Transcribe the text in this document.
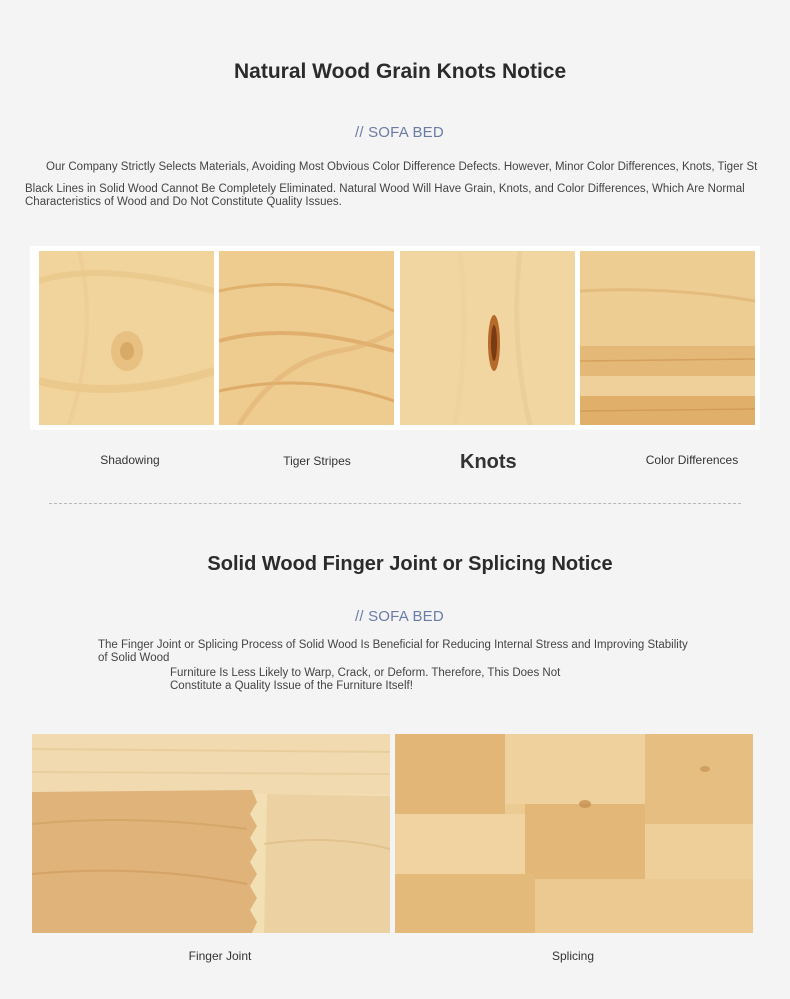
Natural Wood Grain Knots Notice
// SOFA BED
Our Company Strictly Selects Materials, Avoiding Most Obvious Color Difference Defects. However, Minor Color Differences, Knots, Tiger St
Black Lines in Solid Wood Cannot Be Completely Eliminated. Natural Wood Will Have Grain, Knots, and Color Differences, Which Are Normal Characteristics of Wood and Do Not Constitute Quality Issues.
Shadowing	Tiger Stripes	Knots	Color Differences
Solid Wood Finger Joint or Splicing Notice
// SOFA BED
The Finger Joint or Splicing Process of Solid Wood Is Beneficial for Reducing Internal Stress and Improving Stability of Solid Wood
Furniture Is Less Likely to Warp, Crack, or Deform. Therefore, This Does Not Constitute a Quality Issue of the Furniture Itself!
Finger Joint	Splicing
